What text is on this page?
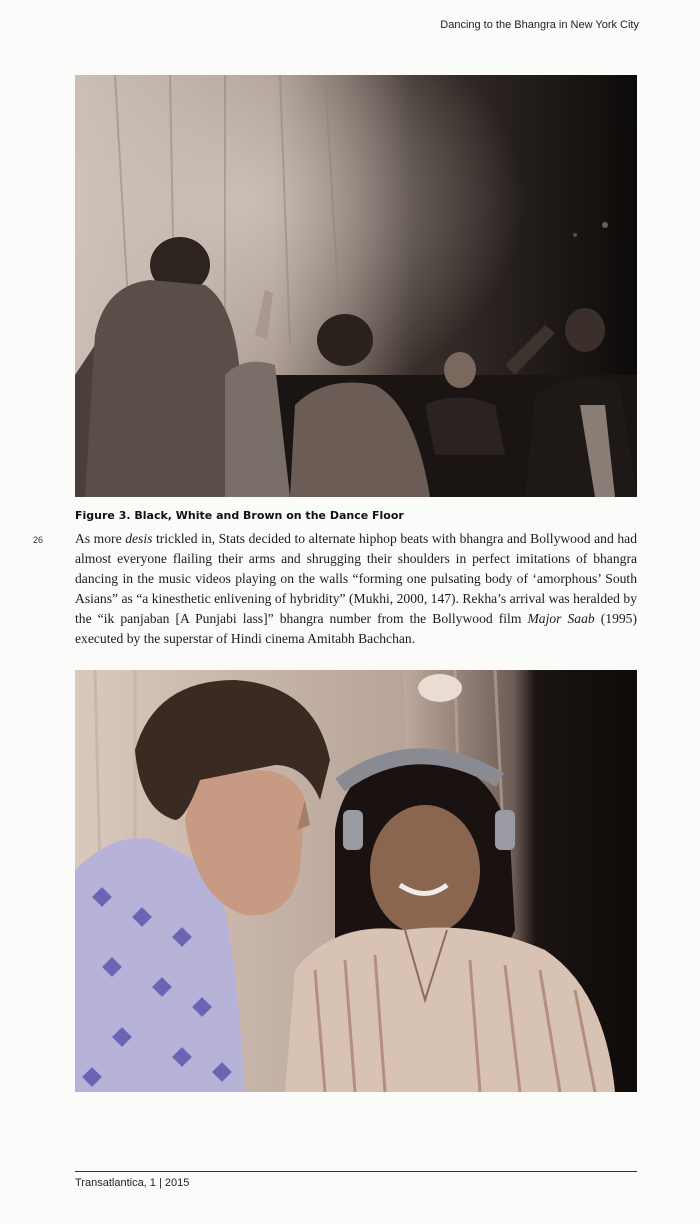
Dancing to the Bhangra in New York City
Figure 3. Black, White and Brown on the Dance Floor
26 As more desis trickled in, Stats decided to alternate hiphop beats with bhangra and Bollywood and had almost everyone flailing their arms and shrugging their shoulders in perfect imitations of bhangra dancing in the music videos playing on the walls “forming one pulsating body of ‘amorphous’ South Asians” as “a kinesthetic enlivening of hybridity” (Mukhi, 2000, 147). Rekha’s arrival was heralded by the “ik panjaban [A Punjabi lass]” bhangra number from the Bollywood film Major Saab (1995) executed by the superstar of Hindi cinema Amitabh Bachchan.

Transatlantica, 1 | 2015
